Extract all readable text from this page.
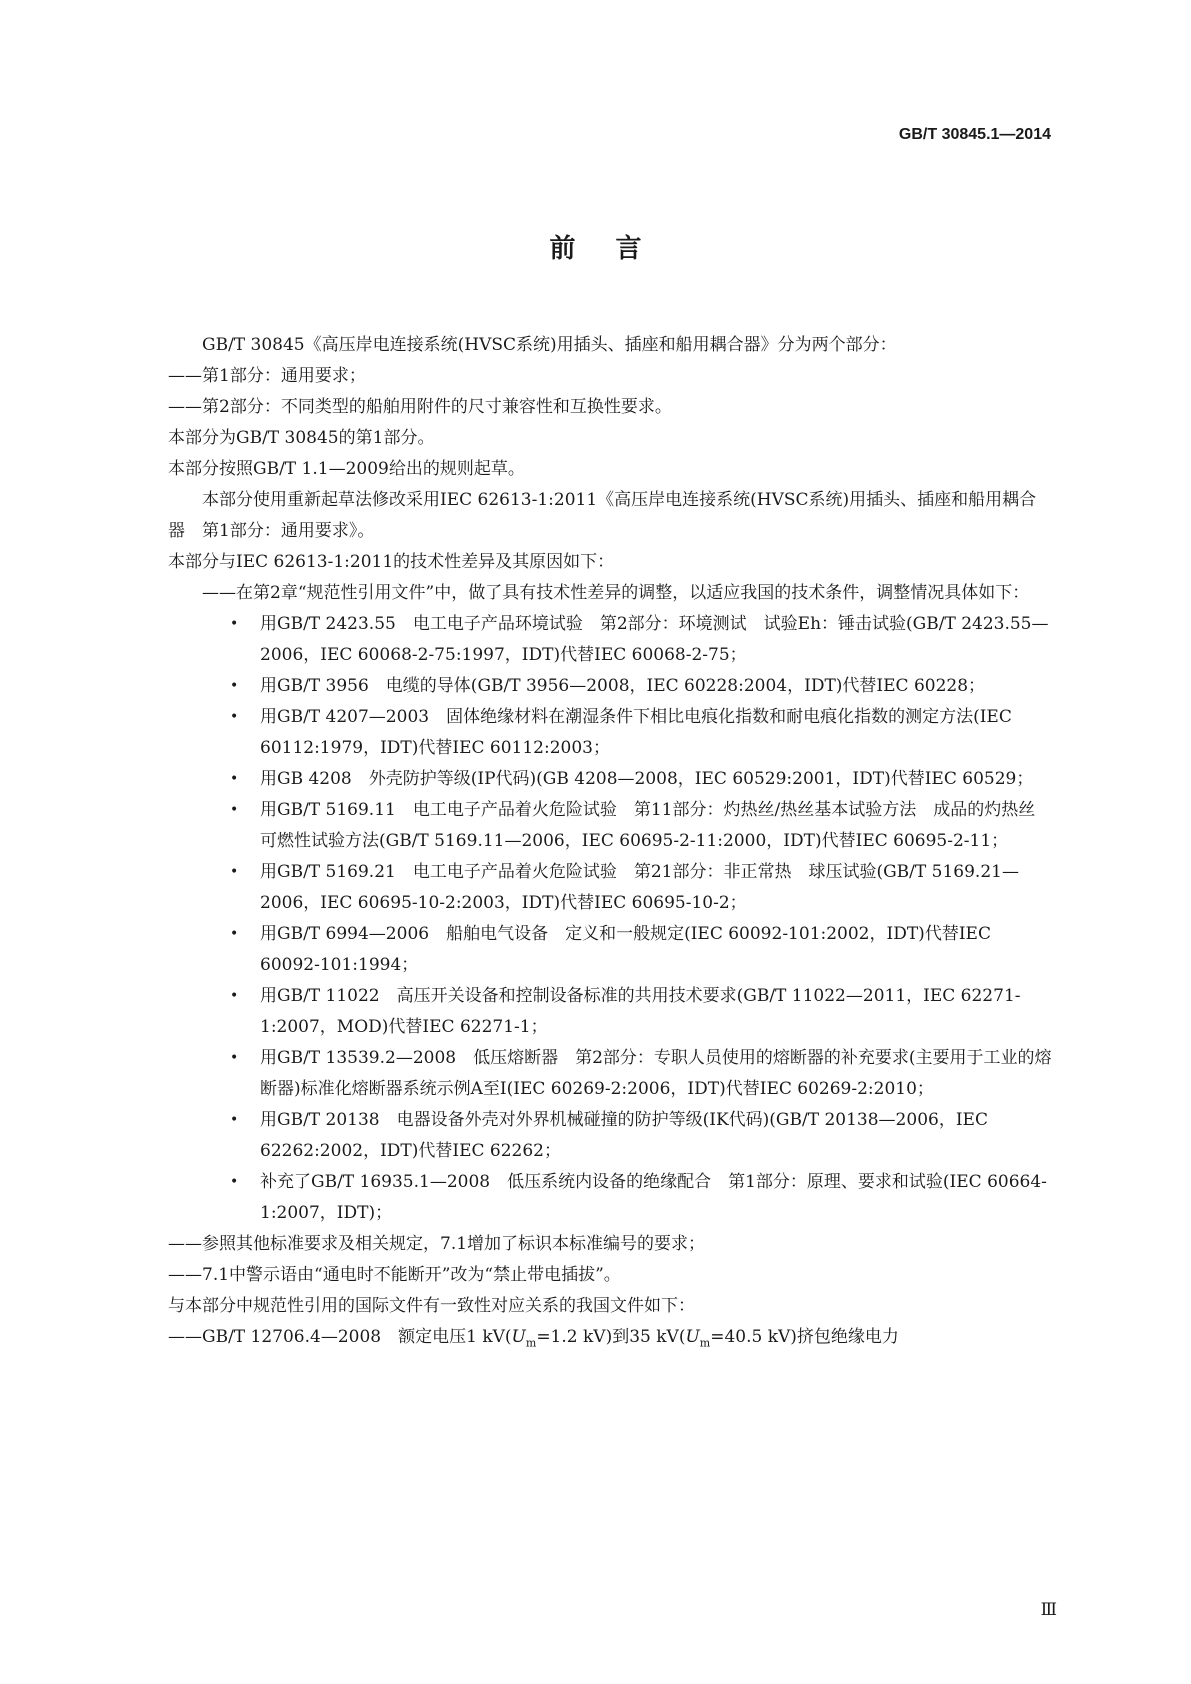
GB/T 30845.1—2014
前言

GB/T 30845《高压岸电连接系统(HVSC系统)用插头、插座和船用耦合器》分为两个部分：

——第1部分：通用要求；

——第2部分：不同类型的船舶用附件的尺寸兼容性和互换性要求。

本部分为GB/T 30845的第1部分。

本部分按照GB/T 1.1—2009给出的规则起草。

本部分使用重新起草法修改采用IEC 62613-1:2011《高压岸电连接系统(HVSC系统)用插头、插座和船用耦合器　第1部分：通用要求》。

本部分与IEC 62613-1:2011的技术性差异及其原因如下：

——在第2章“规范性引用文件”中，做了具有技术性差异的调整，以适应我国的技术条件，调整情况具体如下：

• 用GB/T 2423.55　电工电子产品环境试验　第2部分：环境测试　试验Eh：锤击试验(GB/T 2423.55—2006，IEC 60068-2-75:1997，IDT)代替IEC 60068-2-75；
• 用GB/T 3956　电缆的导体(GB/T 3956—2008，IEC 60228:2004，IDT)代替IEC 60228；
• 用GB/T 4207—2003　固体绝缘材料在潮湿条件下相比电痕化指数和耐电痕化指数的测定方法(IEC 60112:1979，IDT)代替IEC 60112:2003；
• 用GB 4208　外壳防护等级(IP代码)(GB 4208—2008，IEC 60529:2001，IDT)代替IEC 60529；
• 用GB/T 5169.11　电工电子产品着火危险试验　第11部分：灼热丝/热丝基本试验方法　成品的灼热丝可燃性试验方法(GB/T 5169.11—2006，IEC 60695-2-11:2000，IDT)代替IEC 60695-2-11；
• 用GB/T 5169.21　电工电子产品着火危险试验　第21部分：非正常热　球压试验(GB/T 5169.21—2006，IEC 60695-10-2:2003，IDT)代替IEC 60695-10-2；
• 用GB/T 6994—2006　船舶电气设备　定义和一般规定(IEC 60092-101:2002，IDT)代替IEC 60092-101:1994；
• 用GB/T 11022　高压开关设备和控制设备标准的共用技术要求(GB/T 11022—2011，IEC 62271-1:2007，MOD)代替IEC 62271-1；
• 用GB/T 13539.2—2008　低压熔断器　第2部分：专职人员使用的熔断器的补充要求(主要用于工业的熔断器)标准化熔断器系统示例A至I(IEC 60269-2:2006，IDT)代替IEC 60269-2:2010；
• 用GB/T 20138　电器设备外壳对外界机械碰撞的防护等级(IK代码)(GB/T 20138—2006，IEC 62262:2002，IDT)代替IEC 62262；
• 补充了GB/T 16935.1—2008　低压系统内设备的绝缘配合　第1部分：原理、要求和试验(IEC 60664-1:2007，IDT)；

——参照其他标准要求及相关规定，7.1增加了标识本标准编号的要求；

——7.1中警示语由“通电时不能断开”改为“禁止带电插拔”。

与本部分中规范性引用的国际文件有一致性对应关系的我国文件如下：

——GB/T 12706.4—2008　额定电压1 $kV(U_m=1.2$ kV)到35 $kV(U_m=40.5$ kV)挤包绝缘电力

Ⅲ
